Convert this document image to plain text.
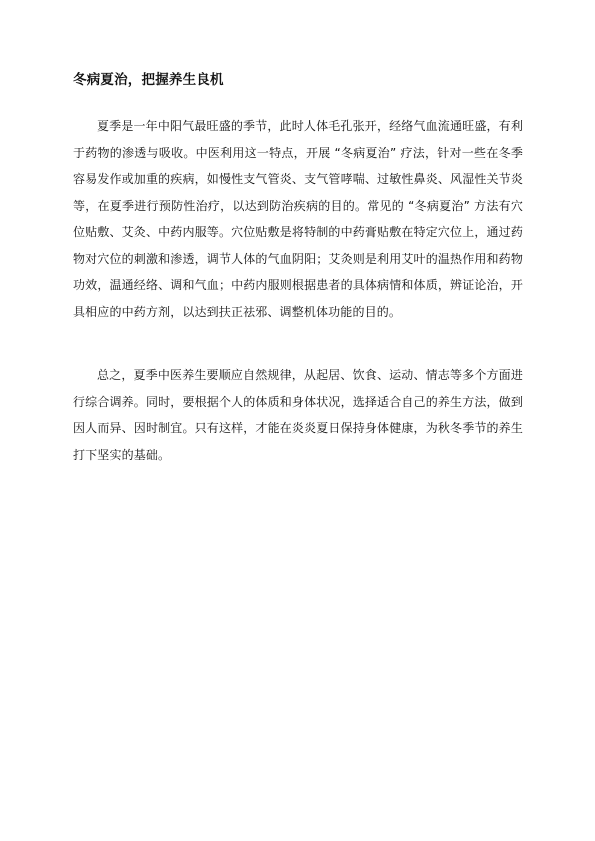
冬病夏治，把握养生良机

夏季是一年中阳气最旺盛的季节，此时人体毛孔张开，经络气血流通旺盛，有利于药物的渗透与吸收。中医利用这一特点，开展 “冬病夏治” 疗法，针对一些在冬季容易发作或加重的疾病，如慢性支气管炎、支气管哮喘、过敏性鼻炎、风湿性关节炎等，在夏季进行预防性治疗，以达到防治疾病的目的。常见的 “冬病夏治” 方法有穴位贴敷、艾灸、中药内服等。穴位贴敷是将特制的中药膏贴敷在特定穴位上，通过药物对穴位的刺激和渗透，调节人体的气血阴阳；艾灸则是利用艾叶的温热作用和药物功效，温通经络、调和气血；中药内服则根据患者的具体病情和体质，辨证论治，开具相应的中药方剂，以达到扶正祛邪、调整机体功能的目的。

总之，夏季中医养生要顺应自然规律，从起居、饮食、运动、情志等多个方面进行综合调养。同时，要根据个人的体质和身体状况，选择适合自己的养生方法，做到因人而异、因时制宜。只有这样，才能在炎炎夏日保持身体健康，为秋冬季节的养生打下坚实的基础。
